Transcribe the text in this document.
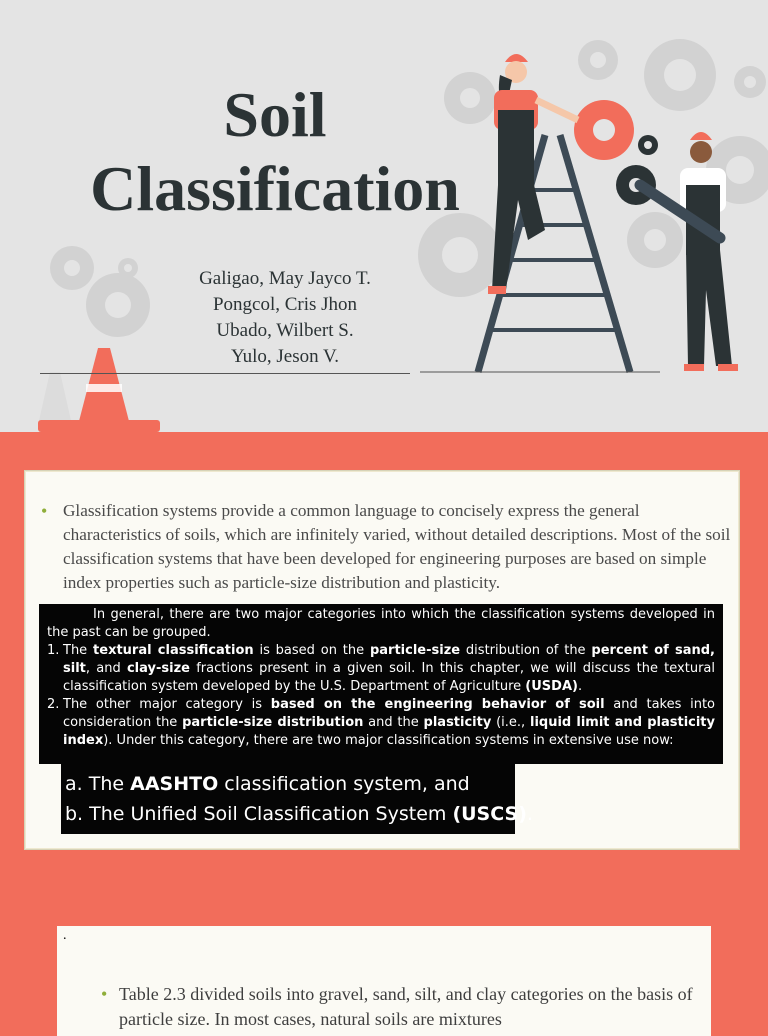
Soil
Classification
Galigao, May Jayco T.
Pongcol, Cris Jhon
Ubado, Wilbert S.
Yulo, Jeson V.
• Glassification systems provide a common language to concisely express the general characteristics of soils, which are infinitely varied, without detailed descriptions. Most of the soil classification systems that have been developed for engineering purposes are based on simple index properties such as particle-size distribution and plasticity.

In general, there are two major categories into which the classification systems developed in the past can be grouped.

1. The textural classification is based on the particle-size distribution of the percent of sand, silt, and clay-size fractions present in a given soil. In this chapter, we will discuss the textural classification system developed by the U.S. Department of Agriculture (USDA).
2. The other major category is based on the engineering behavior of soil and takes into consideration the particle-size distribution and the plasticity (i.e., liquid limit and plasticity index). Under this category, there are two major classification systems in extensive use now:
a. The AASHTO classification system, and
b. The Unified Soil Classification System (USCS).
.
• Table 2.3 divided soils into gravel, sand, silt, and clay categories on the basis of particle size. In most cases, natural soils are mixtures
